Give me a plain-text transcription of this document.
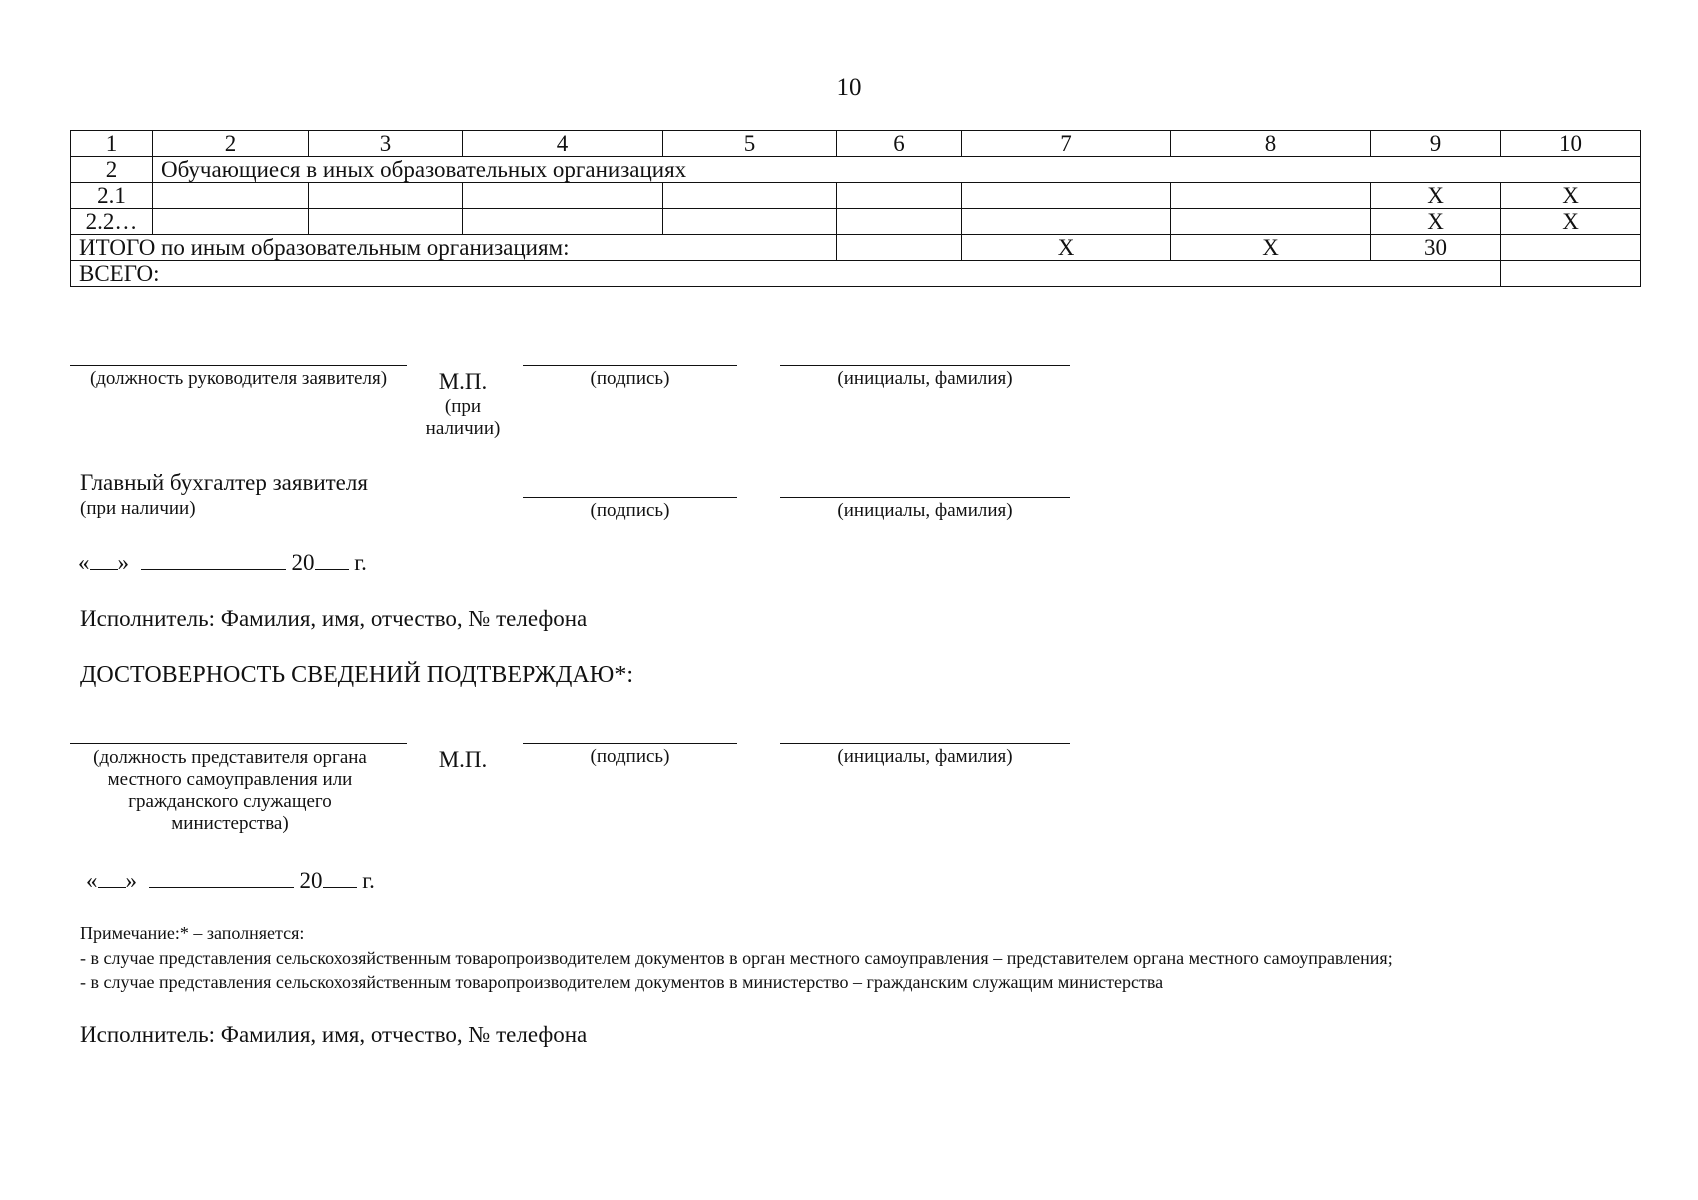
10
1	2	3	4	5	6	7	8	9	10
2	Обучающиеся в иных образовательных организациях								
2.1								X	X
2.2…								X	X
ИТОГО по иным образовательным организациям:						X	X	30	
ВСЕГО:									
(должность руководителя заявителя)	М.П.
(при наличии)
(подпись)	(инициалы, фамилия)
Главный бухгалтер заявителя
(при наличии)	(подпись)	(инициалы, фамилия)
« »	20 г.
Исполнитель: Фамилия, имя, отчество, № телефона
ДОСТОВЕРНОСТЬ СВЕДЕНИЙ ПОДТВЕРЖДАЮ*:
(должность представителя органа местного самоуправления или гражданского служащего министерства)
М.П.	(подпись)	(инициалы, фамилия)
« »	20 г.
Примечание:* – заполняется:
- в случае представления сельскохозяйственным товаропроизводителем документов в орган местного самоуправления – представителем органа местного самоуправления;
- в случае представления сельскохозяйственным товаропроизводителем документов в министерство – гражданским служащим министерства
Исполнитель: Фамилия, имя, отчество, № телефона
